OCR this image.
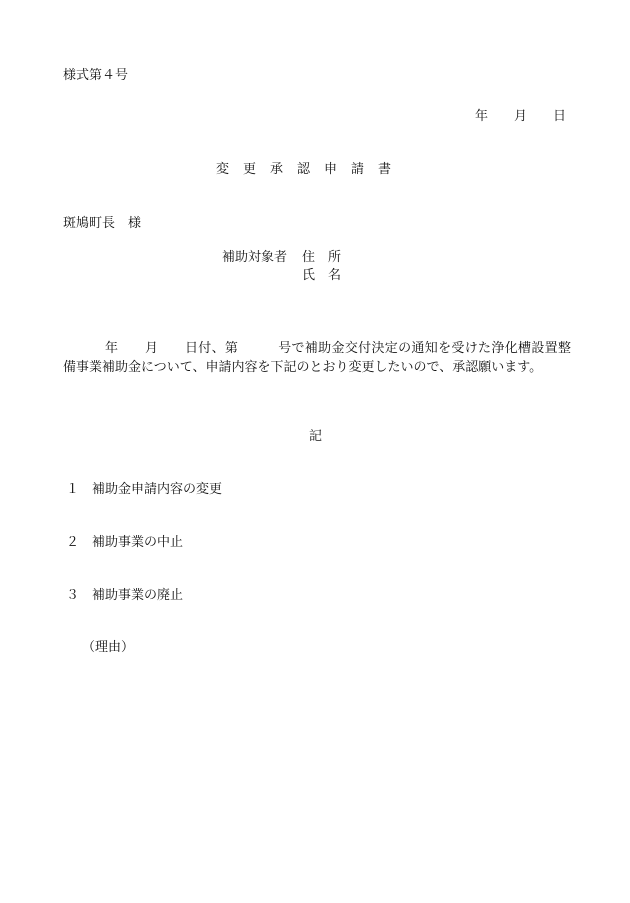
様式第４号
年　　月　　日
変　更　承　認　申　請　書
斑鳩町長　様
補助対象者 住　所
氏　名
年　　月　　日付、第　　　号で補助金交付決定の通知を受けた浄化槽設置整備事業補助金について、申請内容を下記のとおり変更したいので、承認願います。
記
１　補助金申請内容の変更
２　補助事業の中止
３　補助事業の廃止
（理由）
